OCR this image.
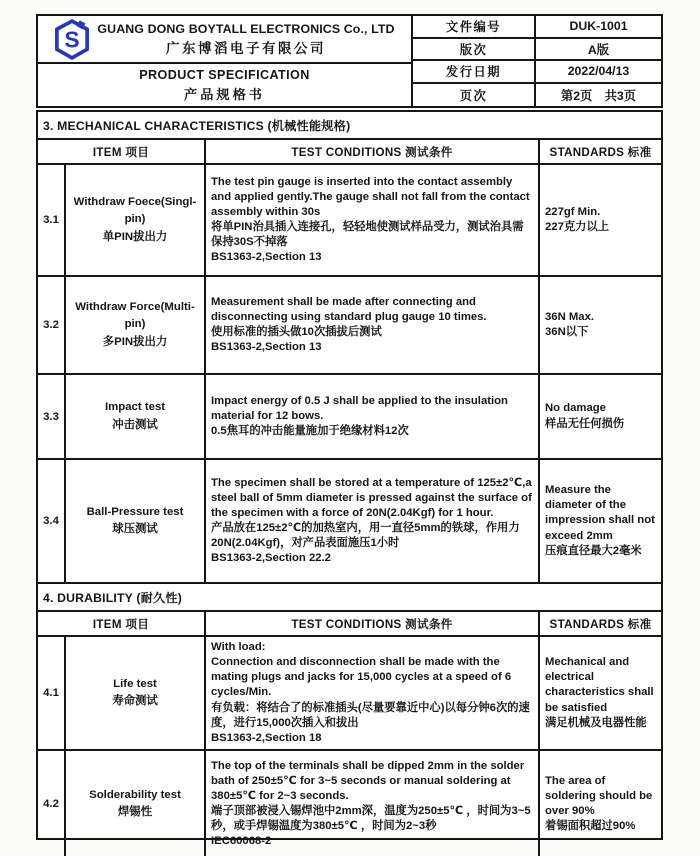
S GUANG DONG BOYTALL ELECTRONICS Co., LTD
广东博滔电子有限公司
PRODUCT SPECIFICATION
产品规格书
文件编号	DUK-1001
版次	A版
发行日期	2022/04/13
页次	第2页　共3页
3. MECHANICAL CHARACTERISTICS (机械性能规格)
ITEM 项目		TEST CONDITIONS 测试条件	STANDARDS 标准
3.1	
Withdraw Foece(Singl-pin)
单PIN拔出力

The test pin gauge is inserted into the contact assembly and applied gently.The gauge shall not fall from the contact assembly within 30s
将单PIN治具插入连接孔，轻轻地使测试样品受力，测试治具需保持30S不掉落
BS1363-2,Section 13

227gf Min.
227克力以上

3.2	
Withdraw Force(Multi-pin)
多PIN拔出力

Measurement shall be made after connecting and disconnecting using standard plug gauge 10 times.
使用标准的插头做10次插拔后测试
BS1363-2,Section 13

36N Max.
36N以下

3.3	
Impact test
冲击测试

Impact energy of 0.5 J shall be applied to the insulation material for 12 bows.
0.5焦耳的冲击能量施加于绝缘材料12次

No damage
样品无任何损伤

3.4	
Ball-Pressure test
球压测试

The specimen shall be stored at a temperature of 125±2℃,a steel ball of 5mm diameter is pressed against the surface of the specimen with a force of 20N(2.04Kgf) for 1 hour.
产品放在125±2℃的加热室内，用一直径5mm的铁球，作用力20N(2.04Kgf)，对产品表面施压1小时
BS1363-2,Section 22.2

Measure the diameter of the impression shall not exceed 2mm
压痕直径最大2毫米
4. DURABILITY (耐久性)
ITEM 项目		TEST CONDITIONS 测试条件	STANDARDS 标准
4.1	
Life test
寿命测试

With load:
Connection and disconnection shall be made with the mating plugs and jacks for 15,000 cycles at a speed of 6 cycles/Min.
有负载：将结合了的标准插头(尽量要靠近中心)以每分钟6次的速度，进行15,000次插入和拔出
BS1363-2,Section 18

Mechanical and electrical characteristics shall be satisfied
满足机械及电器性能

4.2	
Solderability test
焊锡性

The top of the terminals shall be dipped 2mm in the solder bath of 250±5℃ for 3~5 seconds or manual soldering at 380±5℃ for 2~3 seconds.
端子顶部被浸入锡焊池中2mm深，温度为250±5℃ ，时间为3~5秒，或手焊锡温度为380±5℃ ，时间为2~3秒
IEC60068-2

The area of soldering should be over 90%
着锡面积超过90%
